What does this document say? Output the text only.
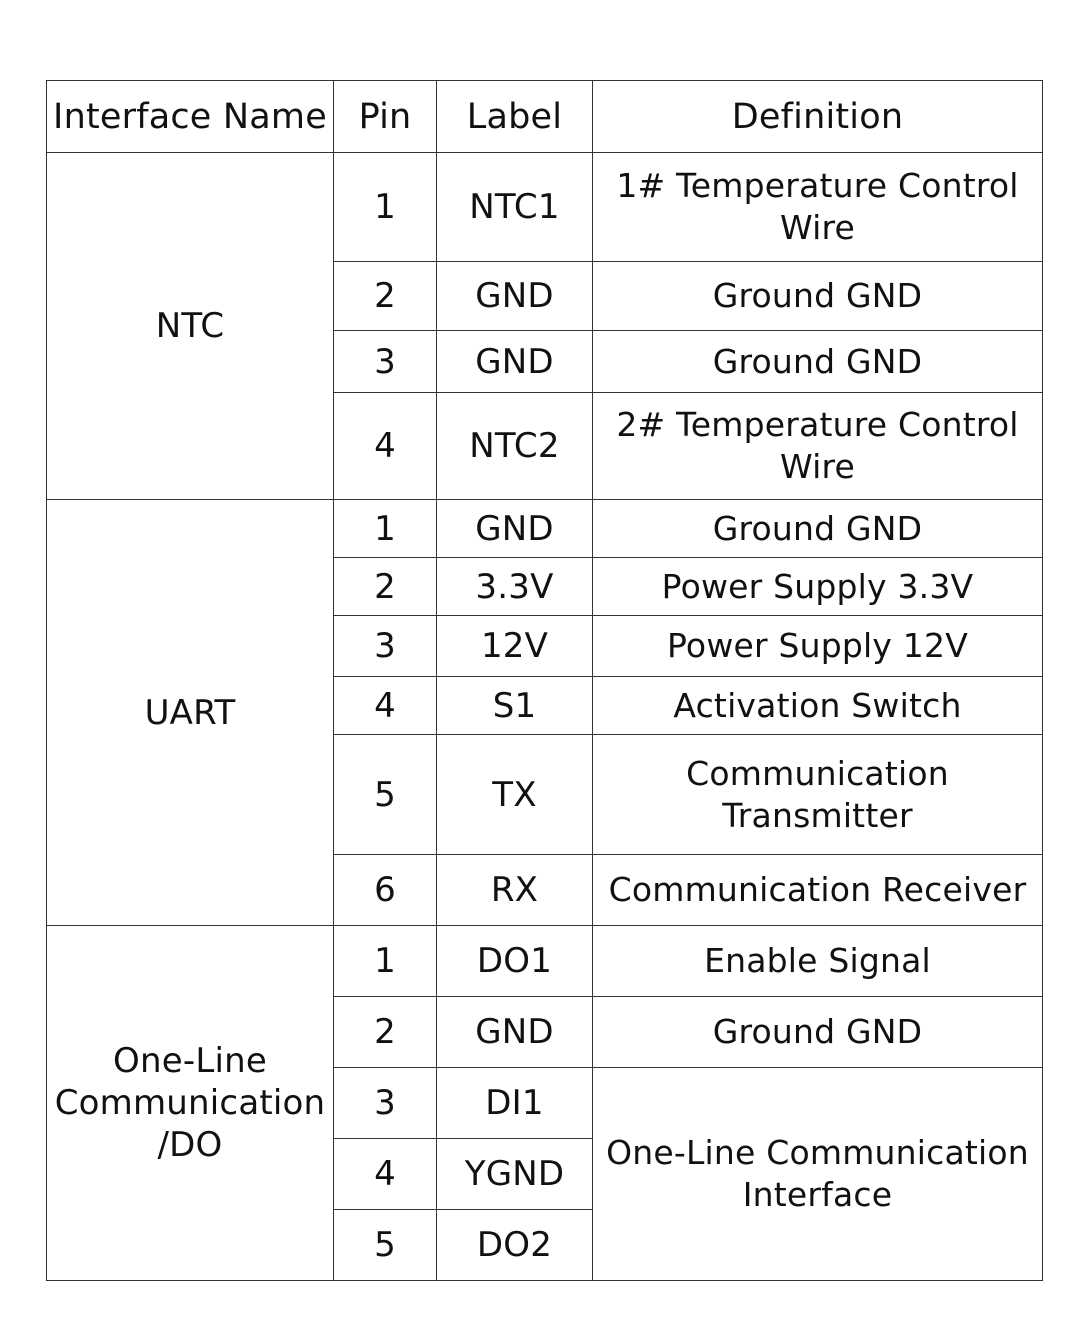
Interface Name	Pin	Label	Definition
NTC	1	NTC1	1# Temperature Control
Wire
	2	GND	Ground GND
	3	GND	Ground GND
	4	NTC2	2# Temperature Control
Wire
UART	1	GND	Ground GND
	2	3.3V	Power Supply 3.3V
	3	12V	Power Supply 12V
	4	S1	Activation Switch
	5	TX	Communication
Transmitter
	6	RX	Communication Receiver
One-Line
Communication
/DO	1	DO1	Enable Signal
	2	GND	Ground GND
	3	DI1	One-Line Communication
Interface
	4	YGND	
	5	DO2	
